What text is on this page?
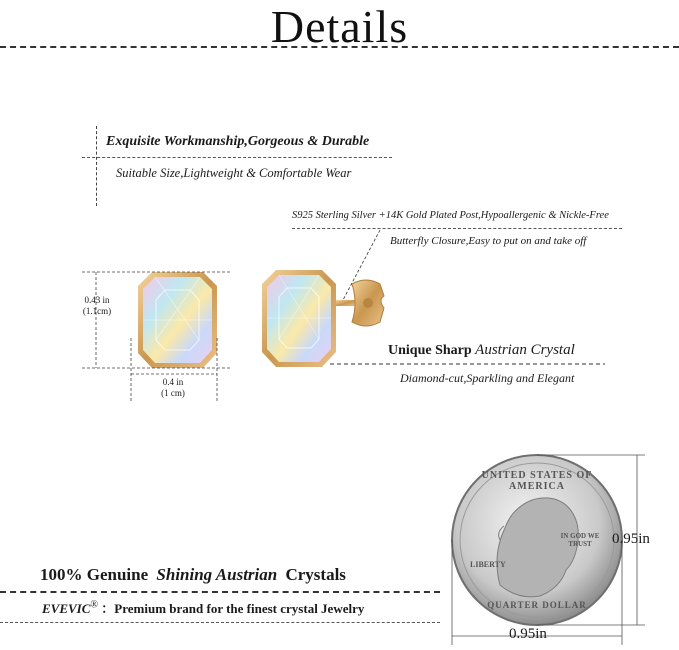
Details
Exquisite Workmanship,Gorgeous & Durable
Suitable Size,Lightweight & Comfortable Wear
S925 Sterling Silver +14K Gold Plated Post,Hypoallergenic & Nickle-Free
Butterfly Closure,Easy to put on and take off
0.43 in
(1.1cm)
0.4 in
(1 cm)
Unique Sharp Austrian Crystal
Diamond-cut,Sparkling and Elegant
UNITED STATES OF AMERICA
LIBERTY
IN GOD WE TRUST
QUARTER DOLLAR
0.95in
0.95in
100% Genuine Shining Austrian Crystals
EVEVIC® ：Premium brand for the finest crystal Jewelry
